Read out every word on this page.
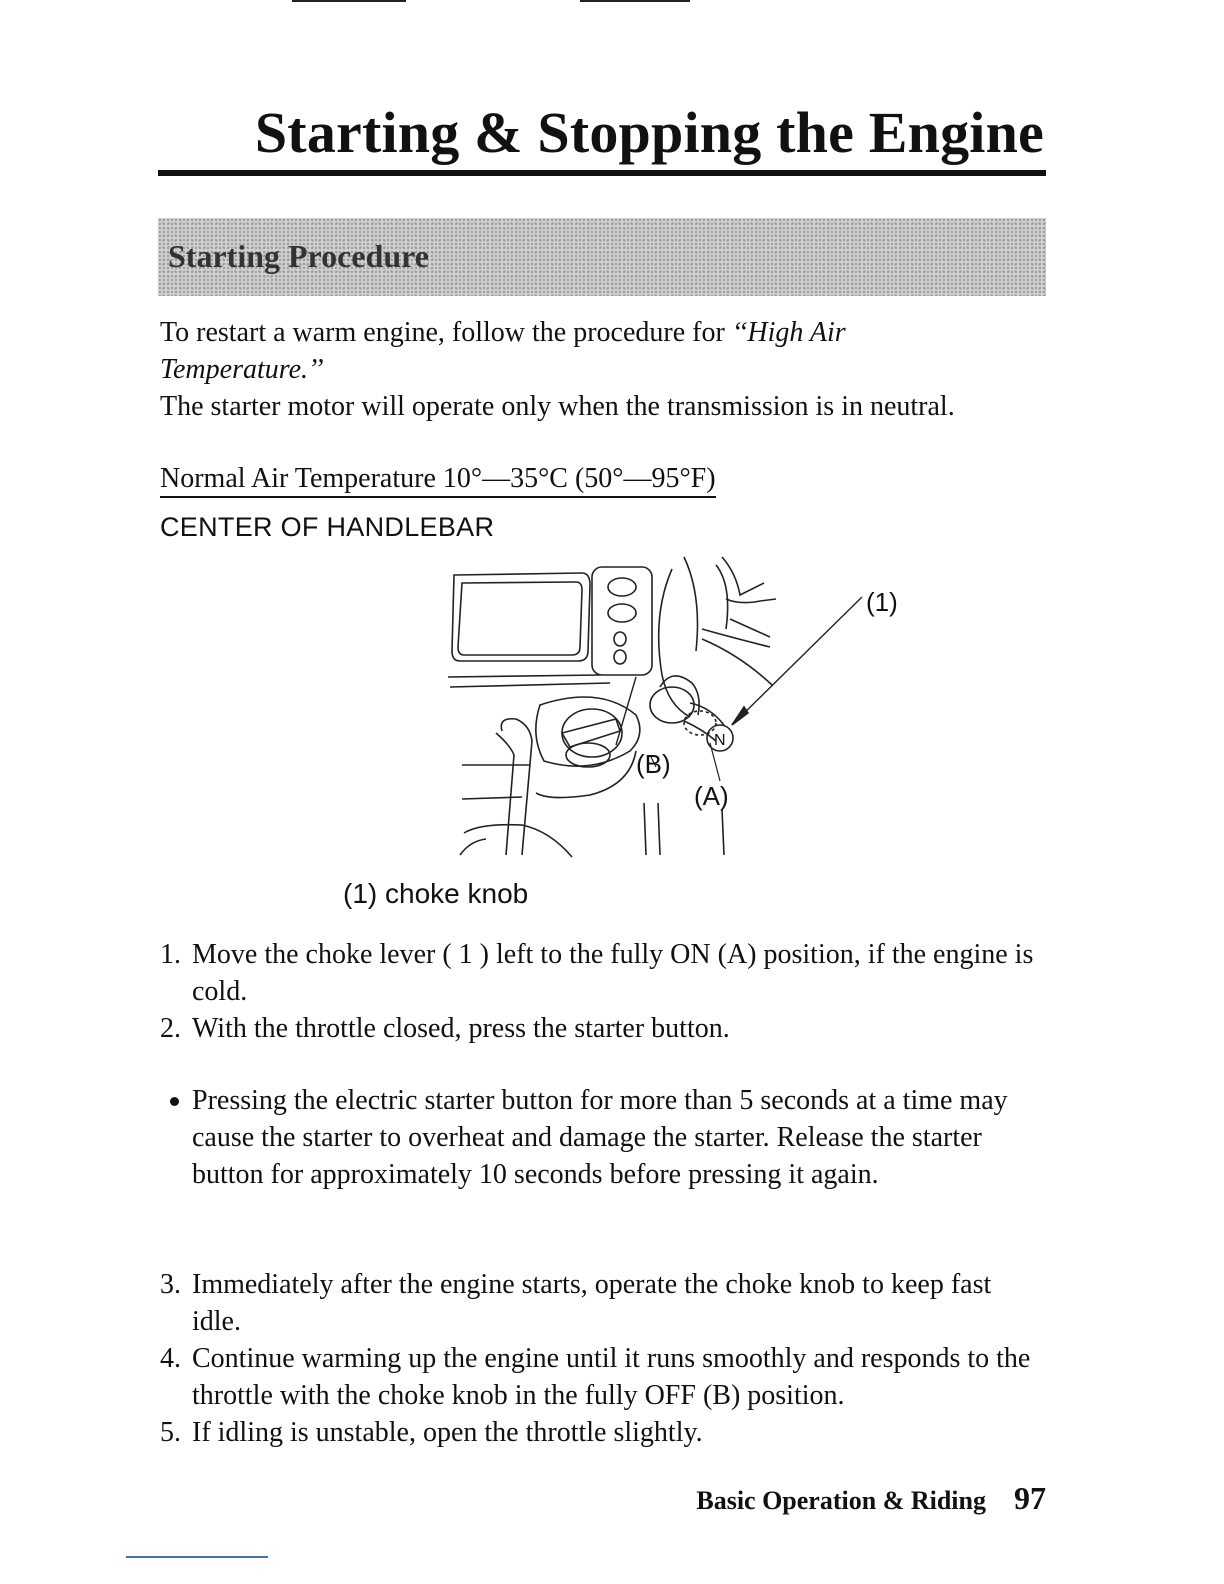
Starting & Stopping the Engine
Starting Procedure
To restart a warm engine, follow the procedure for ‘‘High Air
Temperature.’’
The starter motor will operate only when the transmission is in neutral.
Normal Air Temperature 10°—35°C (50°—95°F)
CENTER OF HANDLEBAR
N
(1)
(B)
(A)
(1) choke knob
1. Move the choke lever ( 1 ) left to the fully ON (A) position, if the engine is cold.
2. With the throttle closed, press the starter button.
Pressing the electric starter button for more than 5 seconds at a time may cause the starter to overheat and damage the starter. Release the starter button for approximately 10 seconds before pressing it again.
3. Immediately after the engine starts, operate the choke knob to keep fast idle.
4. Continue warming up the engine until it runs smoothly and responds to the throttle with the choke knob in the fully OFF (B) position.
5. If idling is unstable, open the throttle slightly.
Basic Operation & Riding 97
